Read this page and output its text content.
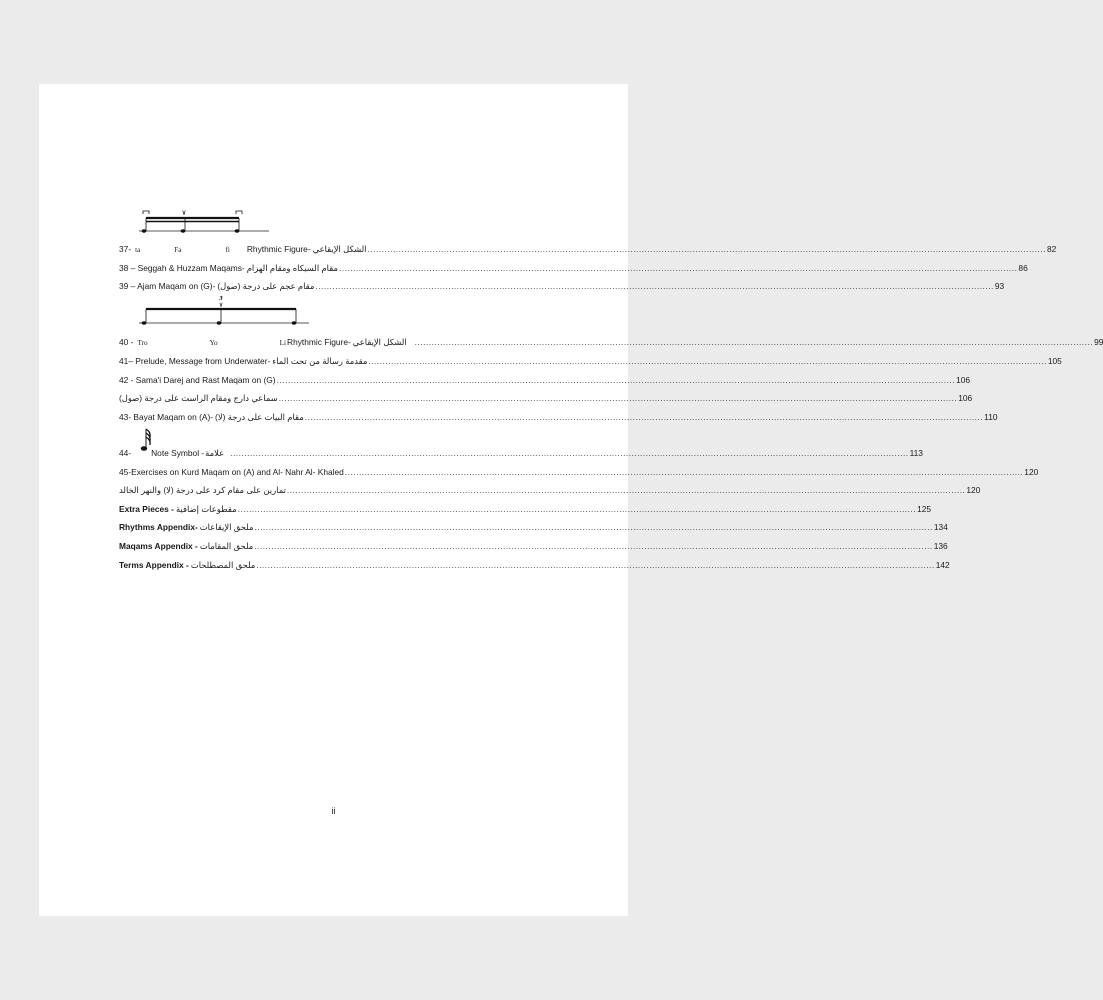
٧
37- ta	Fa	fi Rhythmic Figure- الشكل الإيقاعي ................................................................................................................................................................................................................................................ 82
38 – Seggah & Huzzam Maqams- مقام السيكاه ومقام الهزام ................................................................................................................................................................................................................................................ 86
39 – Ajam Maqam on (G)- مقام عجم على درجة (صول) ................................................................................................................................................................................................................................................ 93
3
٧
40 - Tro	Yo	Li Rhythmic Figure- الشكل الإيقاعي ................................................................................................................................................................................................................................................ 99
41– Prelude, Message from Underwater- مقدمة رسالة من تحت الماء ................................................................................................................................................................................................................................................ 105
42 - Sama'i Darej and Rast Maqam on (G) ................................................................................................................................................................................................................................................ 106
سماعي دارج ومقام الراست على درجة (صول) ................................................................................................................................................................................................................................................ 106
43- Bayat Maqam on (A)- مقام البيات على درجة (لا) ................................................................................................................................................................................................................................................ 110
44- Note Symbol - علامة ................................................................................................................................................................................................................................................ 113
45-Exercises on Kurd Maqam on (A) and Al- Nahr Al- Khaled ................................................................................................................................................................................................................................................ 120
تمارين على مقام كرد على درجة (لا) والنهر الخالد ................................................................................................................................................................................................................................................ 120
Extra Pieces - مقطوعات إضافية ................................................................................................................................................................................................................................................ 125
Rhythms Appendix- ملحق الإيقاعات ................................................................................................................................................................................................................................................ 134
Maqams Appendix - ملحق المقامات ................................................................................................................................................................................................................................................ 136
Terms Appendix - ملحق المصطلحات ................................................................................................................................................................................................................................................ 142
ii
